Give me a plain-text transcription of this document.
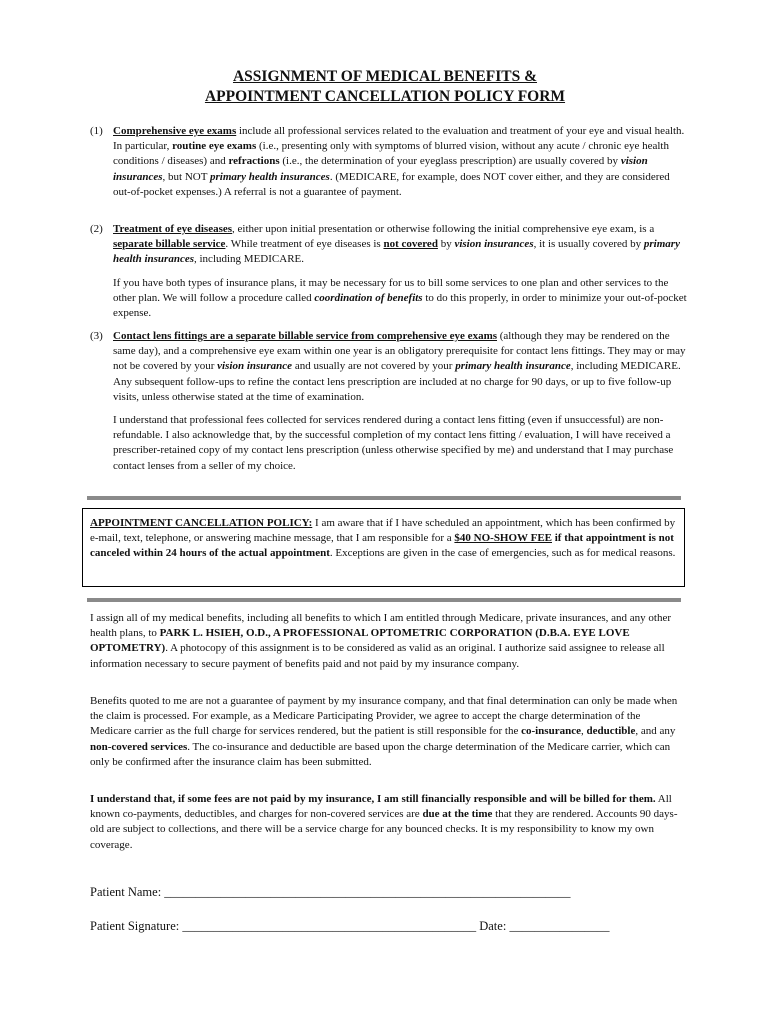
ASSIGNMENT OF MEDICAL BENEFITS &
APPOINTMENT CANCELLATION POLICY FORM
(1) Comprehensive eye exams include all professional services related to the evaluation and treatment of your eye and visual health. In particular, routine eye exams (i.e., presenting only with symptoms of blurred vision, without any acute / chronic eye health conditions / diseases) and refractions (i.e., the determination of your eyeglass prescription) are usually covered by vision insurances, but NOT primary health insurances. (MEDICARE, for example, does NOT cover either, and they are considered out-of-pocket expenses.) A referral is not a guarantee of payment.

(2) Treatment of eye diseases, either upon initial presentation or otherwise following the initial comprehensive eye exam, is a separate billable service. While treatment of eye diseases is not covered by vision insurances, it is usually covered by primary health insurances, including MEDICARE.

If you have both types of insurance plans, it may be necessary for us to bill some services to one plan and other services to the other plan. We will follow a procedure called coordination of benefits to do this properly, in order to minimize your out-of-pocket expense.

(3) Contact lens fittings are a separate billable service from comprehensive eye exams (although they may be rendered on the same day), and a comprehensive eye exam within one year is an obligatory prerequisite for contact lens fittings. They may or may not be covered by your vision insurance and usually are not covered by your primary health insurance, including MEDICARE. Any subsequent follow-ups to refine the contact lens prescription are included at no charge for 90 days, or up to five follow-up visits, unless otherwise stated at the time of examination.

I understand that professional fees collected for services rendered during a contact lens fitting (even if unsuccessful) are non-refundable. I also acknowledge that, by the successful completion of my contact lens fitting / evaluation, I will have received a prescriber-retained copy of my contact lens prescription (unless otherwise specified by me) and understand that I may purchase contact lenses from a seller of my choice.

APPOINTMENT CANCELLATION POLICY: I am aware that if I have scheduled an appointment, which has been confirmed by e-mail, text, telephone, or answering machine message, that I am responsible for a $40 NO-SHOW FEE if that appointment is not canceled within 24 hours of the actual appointment. Exceptions are given in the case of emergencies, such as for medical reasons.
I assign all of my medical benefits, including all benefits to which I am entitled through Medicare, private insurances, and any other health plans, to PARK L. HSIEH, O.D., A PROFESSIONAL OPTOMETRIC CORPORATION (D.B.A. EYE LOVE OPTOMETRY). A photocopy of this assignment is to be considered as valid as an original. I authorize said assignee to release all information necessary to secure payment of benefits paid and not paid by my insurance company.
Benefits quoted to me are not a guarantee of payment by my insurance company, and that final determination can only be made when the claim is processed. For example, as a Medicare Participating Provider, we agree to accept the charge determination of the Medicare carrier as the full charge for services rendered, but the patient is still responsible for the co-insurance, deductible, and any non-covered services. The co-insurance and deductible are based upon the charge determination of the Medicare carrier, which can only be confirmed after the insurance claim has been submitted.
I understand that, if some fees are not paid by my insurance, I am still financially responsible and will be billed for them. All known co-payments, deductibles, and charges for non-covered services are due at the time that they are rendered. Accounts 90 days-old are subject to collections, and there will be a service charge for any bounced checks. It is my responsibility to know my own coverage.
Patient Name: _________________________________________________________________
Patient Signature: _______________________________________________ Date: ________________
